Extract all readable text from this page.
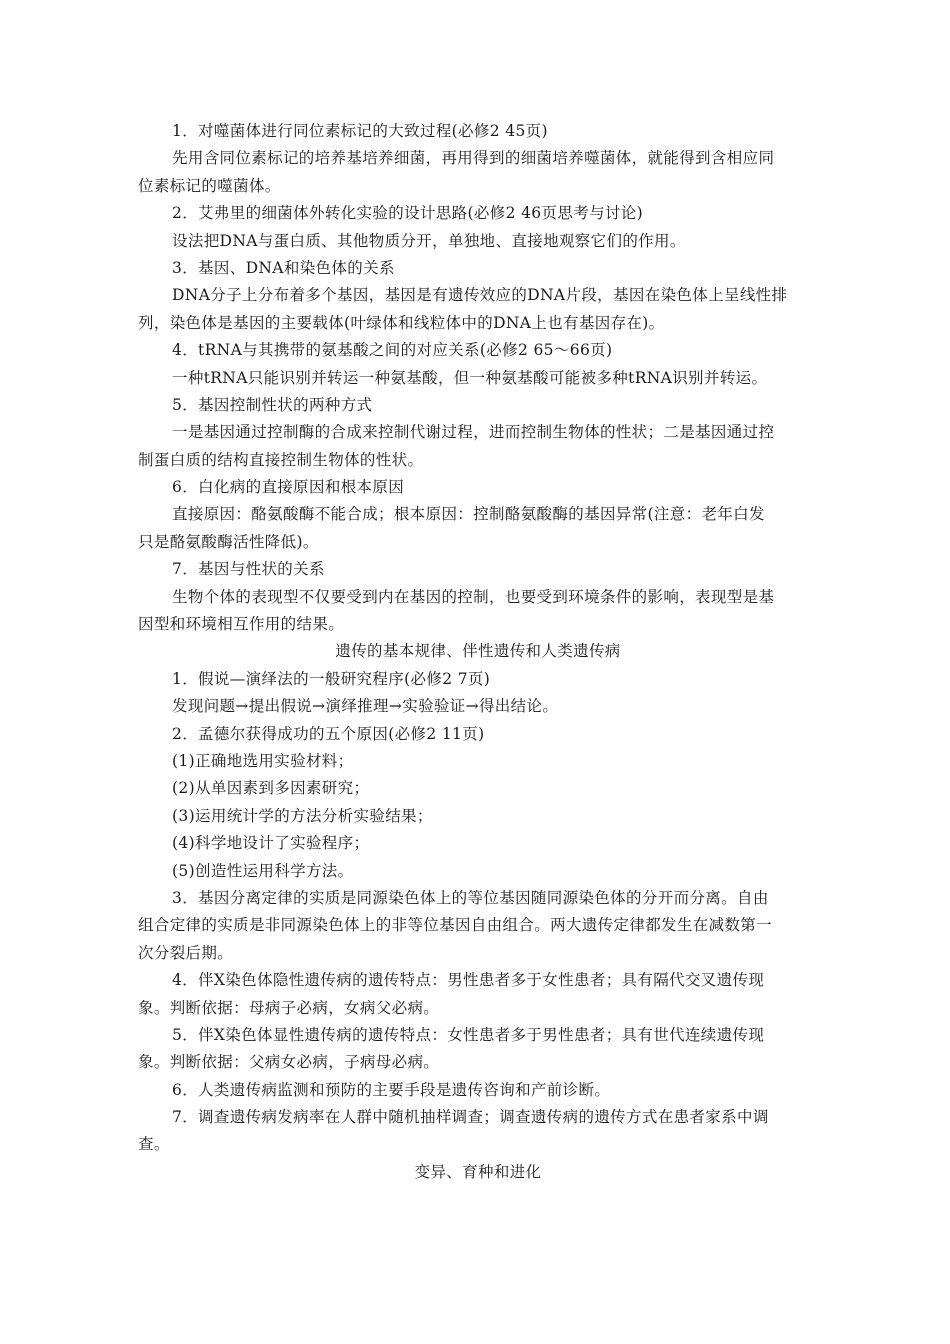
1．对噬菌体进行同位素标记的大致过程(必修2 45页)
先用含同位素标记的培养基培养细菌，再用得到的细菌培养噬菌体，就能得到含相应同
位素标记的噬菌体。
2．艾弗里的细菌体外转化实验的设计思路(必修2 46页思考与讨论)
设法把DNA与蛋白质、其他物质分开，单独地、直接地观察它们的作用。
3．基因、DNA和染色体的关系
DNA分子上分布着多个基因，基因是有遗传效应的DNA片段，基因在染色体上呈线性排
列，染色体是基因的主要载体(叶绿体和线粒体中的DNA上也有基因存在)。
4．tRNA与其携带的氨基酸之间的对应关系(必修2 65～66页)
一种tRNA只能识别并转运一种氨基酸，但一种氨基酸可能被多种tRNA识别并转运。
5．基因控制性状的两种方式
一是基因通过控制酶的合成来控制代谢过程，进而控制生物体的性状；二是基因通过控
制蛋白质的结构直接控制生物体的性状。
6．白化病的直接原因和根本原因
直接原因：酪氨酸酶不能合成；根本原因：控制酪氨酸酶的基因异常(注意：老年白发
只是酪氨酸酶活性降低)。
7．基因与性状的关系
生物个体的表现型不仅要受到内在基因的控制，也要受到环境条件的影响，表现型是基
因型和环境相互作用的结果。
遗传的基本规律、伴性遗传和人类遗传病
1．假说—演绎法的一般研究程序(必修2 7页)
发现问题→提出假说→演绎推理→实验验证→得出结论。
2．孟德尔获得成功的五个原因(必修2 11页)
(1)正确地选用实验材料；
(2)从单因素到多因素研究；
(3)运用统计学的方法分析实验结果；
(4)科学地设计了实验程序；
(5)创造性运用科学方法。
3．基因分离定律的实质是同源染色体上的等位基因随同源染色体的分开而分离。自由
组合定律的实质是非同源染色体上的非等位基因自由组合。两大遗传定律都发生在减数第一
次分裂后期。
4．伴X染色体隐性遗传病的遗传特点：男性患者多于女性患者；具有隔代交叉遗传现
象。判断依据：母病子必病，女病父必病。
5．伴X染色体显性遗传病的遗传特点：女性患者多于男性患者；具有世代连续遗传现
象。判断依据：父病女必病，子病母必病。
6．人类遗传病监测和预防的主要手段是遗传咨询和产前诊断。
7．调查遗传病发病率在人群中随机抽样调查；调查遗传病的遗传方式在患者家系中调
查。
变异、育种和进化
